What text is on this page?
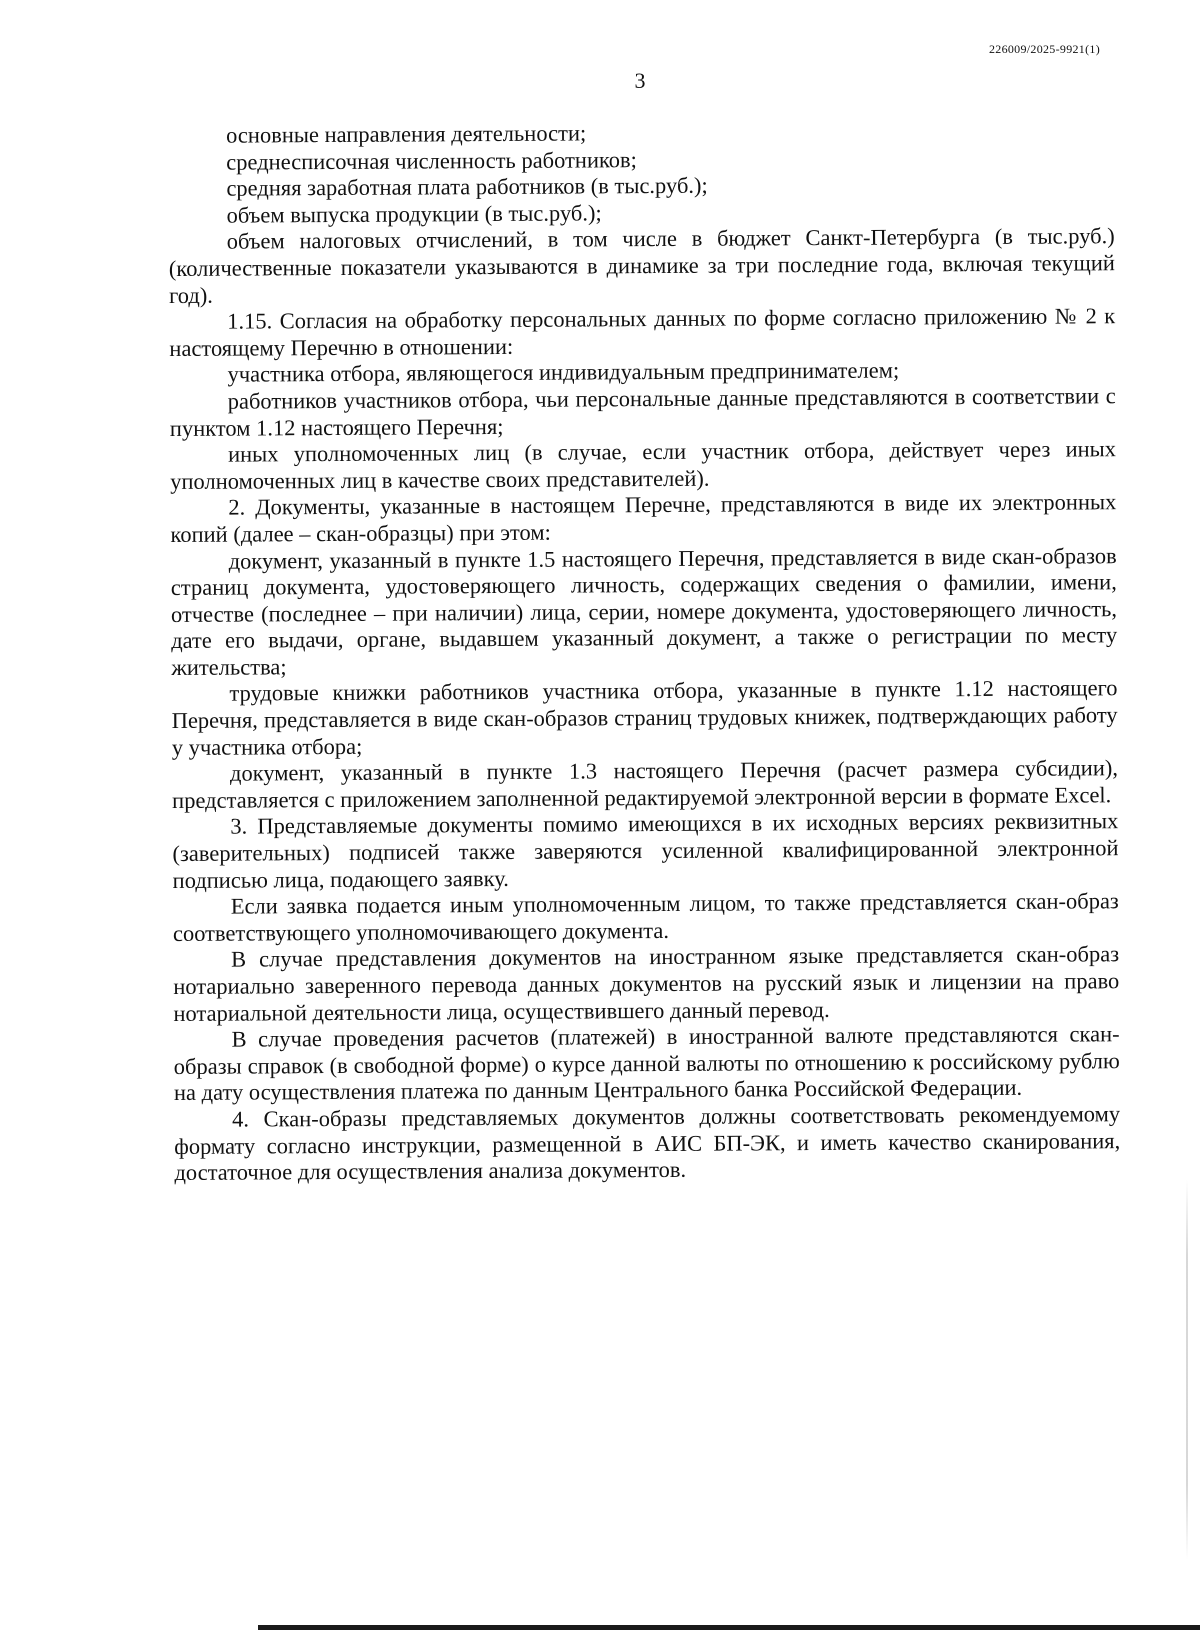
226009/2025-9921(1)
3

основные направления деятельности;

среднесписочная численность работников;

средняя заработная плата работников (в тыс.руб.);

объем выпуска продукции (в тыс.руб.);

объем налоговых отчислений, в том числе в бюджет Санкт-Петербурга (в тыс.руб.) (количественные показатели указываются в динамике за три последние года, включая текущий год).

1.15. Согласия на обработку персональных данных по форме согласно приложению № 2 к настоящему Перечню в отношении:

участника отбора, являющегося индивидуальным предпринимателем;

работников участников отбора, чьи персональные данные представляются в соответствии с пунктом 1.12 настоящего Перечня;

иных уполномоченных лиц (в случае, если участник отбора, действует через иных уполномоченных лиц в качестве своих представителей).

2. Документы, указанные в настоящем Перечне, представляются в виде их электронных копий (далее – скан-образцы) при этом:

документ, указанный в пункте 1.5 настоящего Перечня, представляется в виде скан-образов страниц документа, удостоверяющего личность, содержащих сведения о фамилии, имени, отчестве (последнее – при наличии) лица, серии, номере документа, удостоверяющего личность, дате его выдачи, органе, выдавшем указанный документ, а также о регистрации по месту жительства;

трудовые книжки работников участника отбора, указанные в пункте 1.12 настоящего Перечня, представляется в виде скан-образов страниц трудовых книжек, подтверждающих работу у участника отбора;

документ, указанный в пункте 1.3 настоящего Перечня (расчет размера субсидии), представляется с приложением заполненной редактируемой электронной версии в формате Excel.

3. Представляемые документы помимо имеющихся в их исходных версиях реквизитных (заверительных) подписей также заверяются усиленной квалифицированной электронной подписью лица, подающего заявку.

Если заявка подается иным уполномоченным лицом, то также представляется скан-образ соответствующего уполномочивающего документа.

В случае представления документов на иностранном языке представляется скан-образ нотариально заверенного перевода данных документов на русский язык и лицензии на право нотариальной деятельности лица, осуществившего данный перевод.

В случае проведения расчетов (платежей) в иностранной валюте представляются скан-образы справок (в свободной форме) о курсе данной валюты по отношению к российскому рублю на дату осуществления платежа по данным Центрального банка Российской Федерации.

4. Скан-образы представляемых документов должны соответствовать рекомендуемому формату согласно инструкции, размещенной в АИС БП-ЭК, и иметь качество сканирования, достаточное для осуществления анализа документов.
